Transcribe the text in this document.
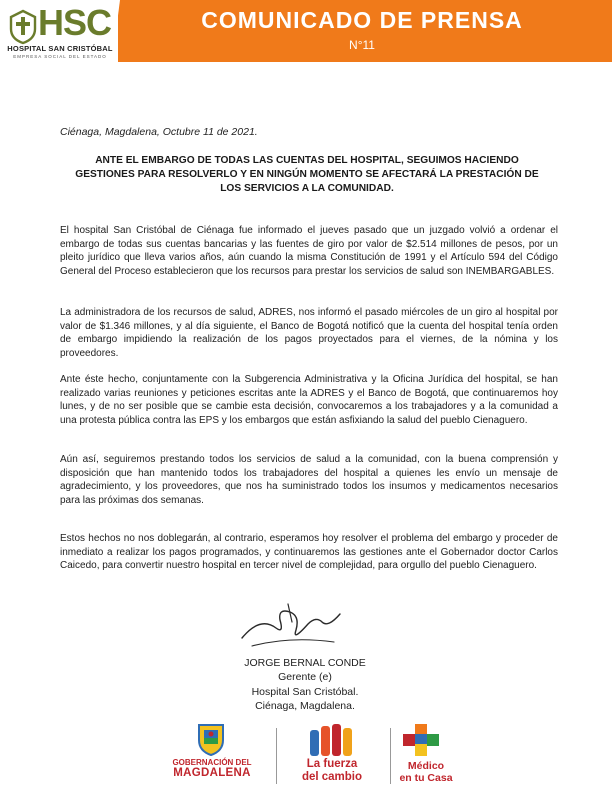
HSC
HOSPITAL SAN CRISTÓBAL
EMPRESA SOCIAL DEL ESTADO
COMUNICADO DE PRENSA
N°11
Ciénaga, Magdalena, Octubre 11 de 2021.
ANTE EL EMBARGO DE TODAS LAS CUENTAS DEL HOSPITAL, SEGUIMOS HACIENDO GESTIONES PARA RESOLVERLO Y EN NINGÚN MOMENTO SE AFECTARÁ LA PRESTACIÓN DE LOS SERVICIOS A LA COMUNIDAD.

El hospital San Cristóbal de Ciénaga fue informado el jueves pasado que un juzgado volvió a ordenar el embargo de todas sus cuentas bancarias y las fuentes de giro por valor de $2.514 millones de pesos, por un pleito jurídico que lleva varios años, aún cuando la misma Constitución de 1991 y el Artículo 594 del Código General del Proceso establecieron que los recursos para prestar los servicios de salud son INEMBARGABLES.

La administradora de los recursos de salud, ADRES, nos informó el pasado miércoles de un giro al hospital por valor de $1.346 millones, y al día siguiente, el Banco de Bogotá notificó que la cuenta del hospital tenía orden de embargo impidiendo la realización de los pagos proyectados para el viernes, de la nómina y los proveedores.

Ante éste hecho, conjuntamente con la Subgerencia Administrativa y la Oficina Jurídica del hospital, se han realizado varias reuniones y peticiones escritas ante la ADRES y el Banco de Bogotá, que continuaremos hoy lunes, y de no ser posible que se cambie esta decisión, convocaremos a los trabajadores y a la comunidad a una protesta pública contra las EPS y los embargos que están asfixiando la salud del pueblo Cienaguero.

Aún así, seguiremos prestando todos los servicios de salud a la comunidad, con la buena comprensión y disposición que han mantenido todos los trabajadores del hospital a quienes les envío un mensaje de agradecimiento, y los proveedores, que nos ha suministrado todos los insumos y medicamentos necesarios para las próximas dos semanas.

Estos hechos no nos doblegarán, al contrario, esperamos hoy resolver el problema del embargo y proceder de inmediato a realizar los pagos programados, y continuaremos las gestiones ante el Gobernador doctor Carlos Caicedo, para convertir nuestro hospital en tercer nivel de complejidad, para orgullo del pueblo Cienaguero.

JORGE BERNAL CONDE
Gerente (e)
Hospital San Cristóbal.
Ciénaga, Magdalena.
GOBERNACIÓN DEL
MAGDALENA
La fuerza
del cambio
Médico
en tu Casa
